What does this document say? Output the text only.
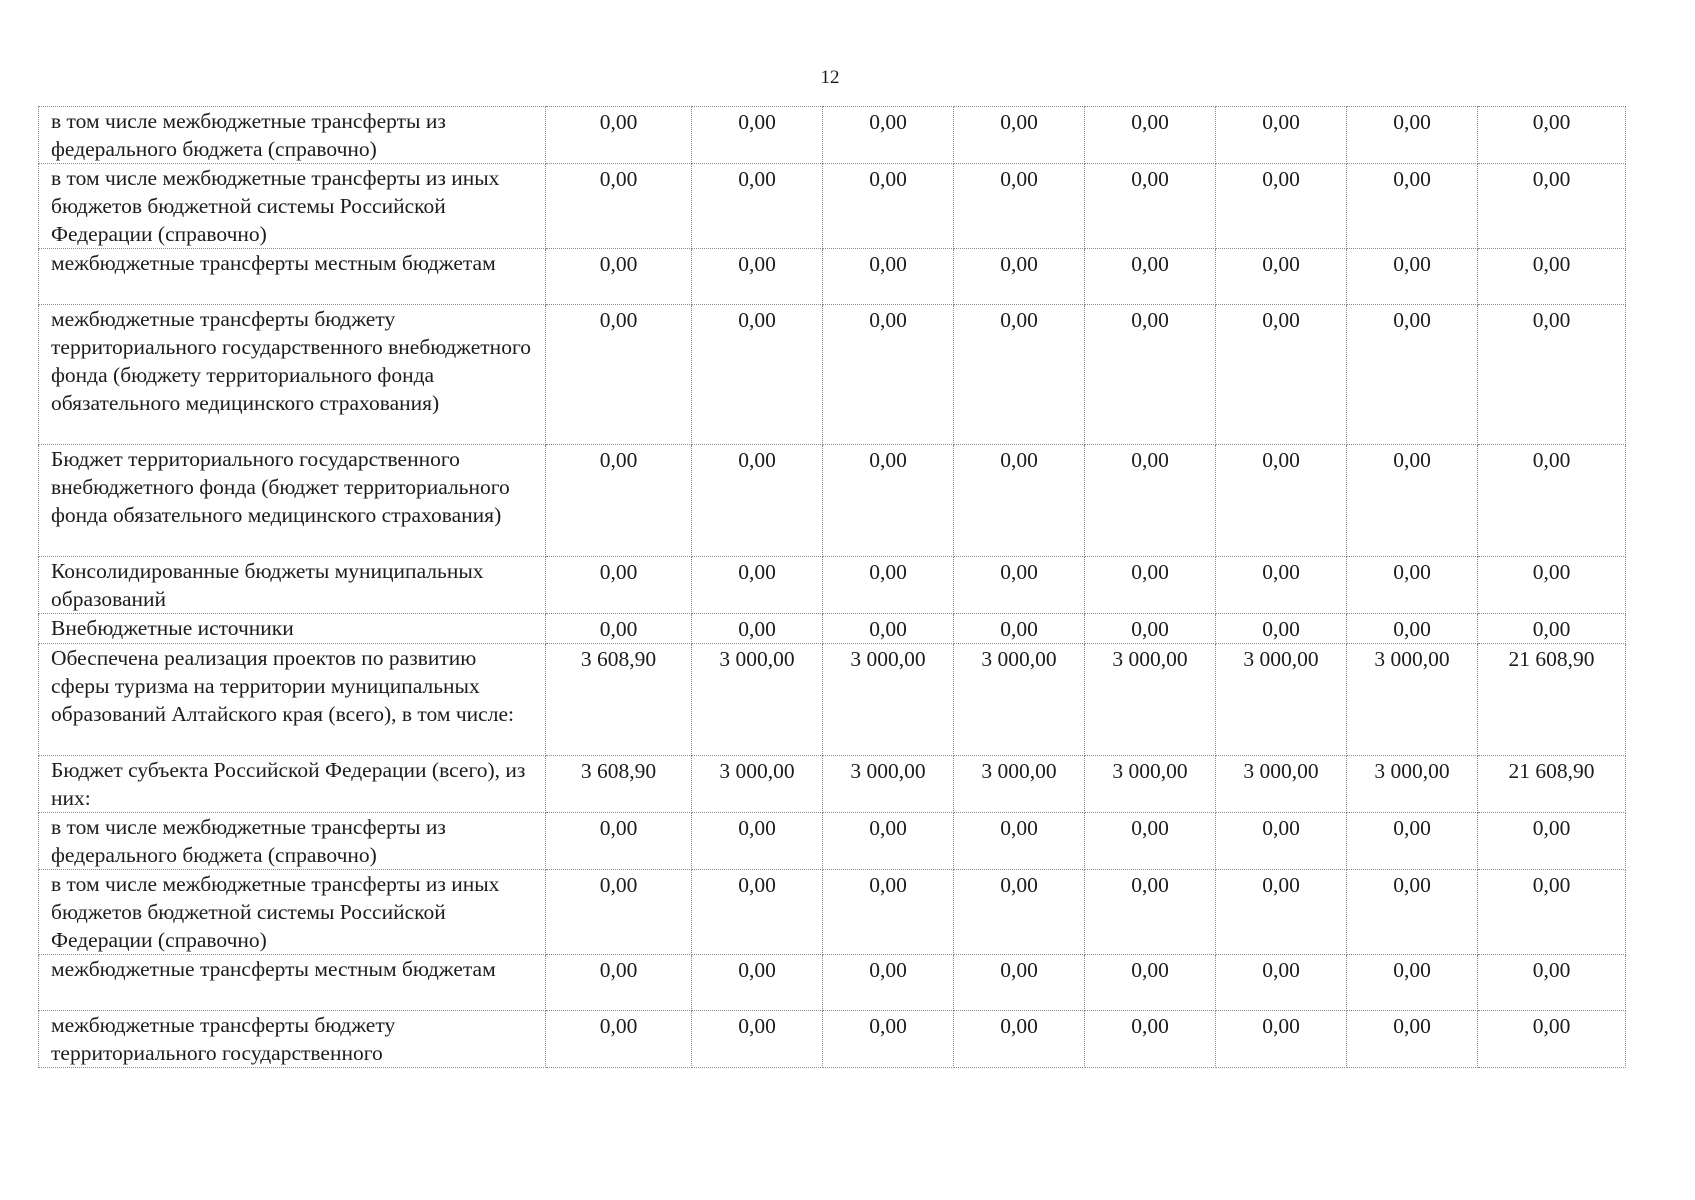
12
в том числе межбюджетные трансферты из федерального бюджета (справочно)	0,00	0,00	0,00	0,00	0,00	0,00	0,00	0,00
в том числе межбюджетные трансферты из иных бюджетов бюджетной системы Российской Федерации (справочно)	0,00	0,00	0,00	0,00	0,00	0,00	0,00	0,00
межбюджетные трансферты местным бюджетам	0,00	0,00	0,00	0,00	0,00	0,00	0,00	0,00
межбюджетные трансферты бюджету территориального государственного внебюджетного фонда (бюджету территориального фонда обязательного медицинского страхования)	0,00	0,00	0,00	0,00	0,00	0,00	0,00	0,00
Бюджет территориального государственного внебюджетного фонда (бюджет территориального фонда обязательного медицинского страхования)	0,00	0,00	0,00	0,00	0,00	0,00	0,00	0,00
Консолидированные бюджеты муниципальных образований	0,00	0,00	0,00	0,00	0,00	0,00	0,00	0,00
Внебюджетные источники	0,00	0,00	0,00	0,00	0,00	0,00	0,00	0,00
Обеспечена реализация проектов по развитию сферы туризма на территории муниципальных образований Алтайского края (всего), в том числе:	3 608,90	3 000,00	3 000,00	3 000,00	3 000,00	3 000,00	3 000,00	21 608,90
Бюджет субъекта Российской Федерации (всего), из них:	3 608,90	3 000,00	3 000,00	3 000,00	3 000,00	3 000,00	3 000,00	21 608,90
в том числе межбюджетные трансферты из федерального бюджета (справочно)	0,00	0,00	0,00	0,00	0,00	0,00	0,00	0,00
в том числе межбюджетные трансферты из иных бюджетов бюджетной системы Российской Федерации (справочно)	0,00	0,00	0,00	0,00	0,00	0,00	0,00	0,00
межбюджетные трансферты местным бюджетам	0,00	0,00	0,00	0,00	0,00	0,00	0,00	0,00
межбюджетные трансферты бюджету территориального государственного	0,00	0,00	0,00	0,00	0,00	0,00	0,00	0,00
